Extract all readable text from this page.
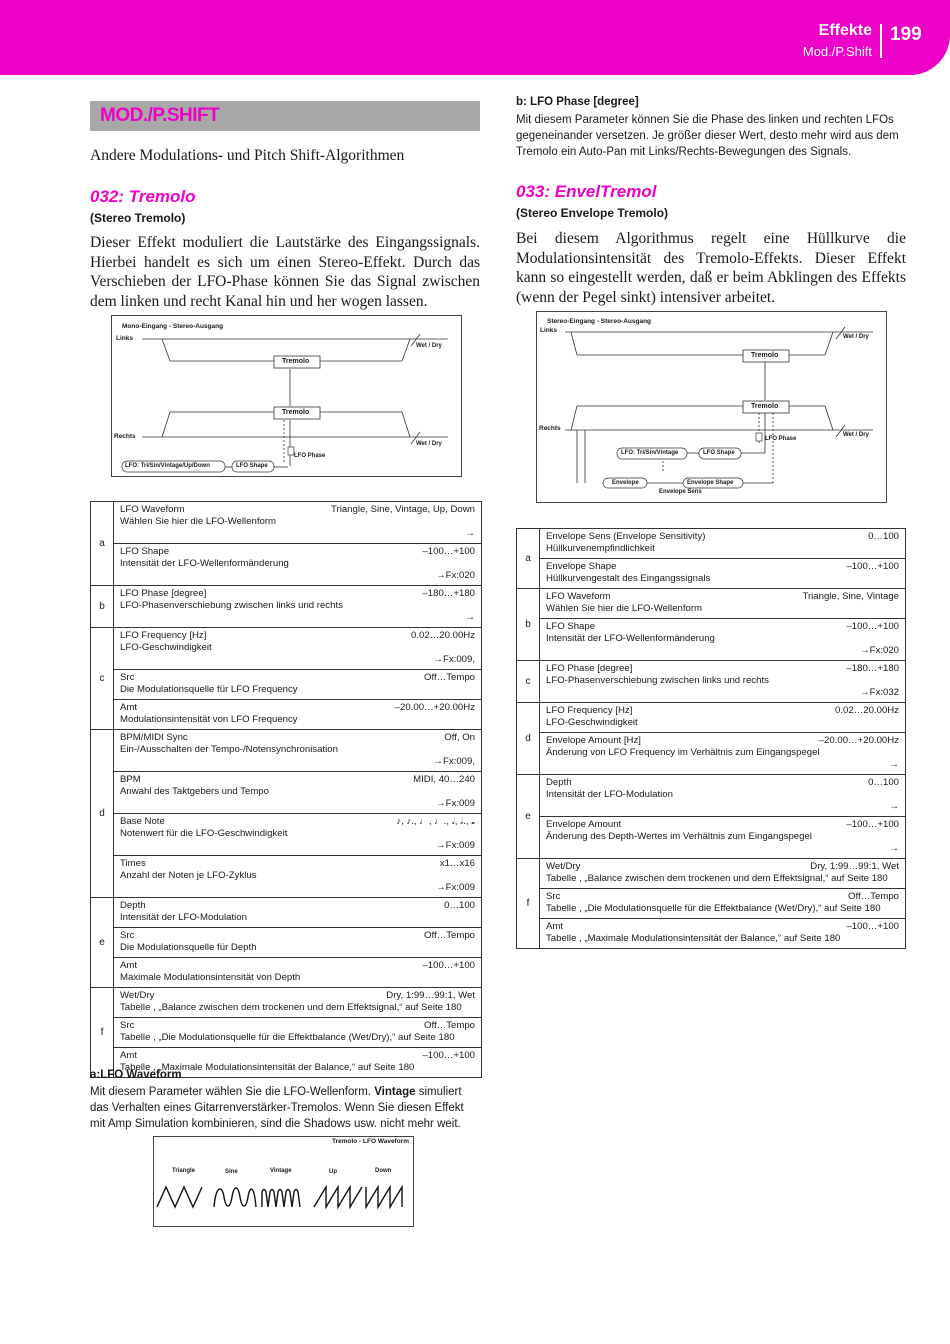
Effekte
Mod./P.Shift
199
MOD./P.SHIFT
Andere Modulations- und Pitch Shift-Algorithmen
032: Tremolo
(Stereo Tremolo)
Dieser Effekt moduliert die Lautstärke des Eingangssignals. Hierbei handelt es sich um einen Stereo-Effekt. Durch das Verschieben der LFO-Phase können Sie das Signal zwischen dem linken und recht Kanal hin und her wogen lassen.
Mono-Eingang - Stereo-Ausgang
Links
Rechts
Tremolo
Tremolo
Wet / Dry
Wet / Dry
LFO Phase
LFO: Tri/Sin/Vintage/Up/Down	LFO Shape
a	Triangle, Sine, Vintage, Up, Down
LFO Waveform
Wählen Sie hier die LFO-Wellenform
→

	–100…+100
LFO Shape
Intensität der LFO-Wellenformänderung
→Fx:020

b	–180…+180
LFO Phase [degree]
LFO-Phasenverschiebung zwischen links und rechts
→

c	0.02…20.00Hz
LFO Frequency [Hz]
LFO-Geschwindigkeit
→Fx:009,

	Off…Tempo
Src
Die Modulationsquelle für LFO Frequency

	–20.00…+20.00Hz
Amt
Modulationsintensität von LFO Frequency

d	Off, On
BPM/MIDI Sync
Ein-/Ausschalten der Tempo-/Notensynchronisation
→Fx:009,

	MIDI, 40…240
BPM
Anwahl des Taktgebers und Tempo
→Fx:009

	♪, ♪., ♩, ♩., 𝅗𝅥, 𝅗𝅥., 𝅝
Base Note
Notenwert für die LFO-Geschwindigkeit
→Fx:009

	x1…x16
Times
Anzahl der Noten je LFO-Zyklus
→Fx:009

e	0…100
Depth
Intensität der LFO-Modulation

	Off…Tempo
Src
Die Modulationsquelle für Depth

	–100…+100
Amt
Maximale Modulationsintensität von Depth

f	Dry, 1:99…99:1, Wet
Wet/Dry
Tabelle , „Balance zwischen dem trockenen und dem Effektsignal,“ auf Seite 180

	Off…Tempo
Src
Tabelle , „Die Modulationsquelle für die Effektbalance (Wet/Dry),“ auf Seite 180

	–100…+100
Amt
Tabelle , „Maximale Modulationsintensität der Balance,“ auf Seite 180
a:LFO Waveform
Mit diesem Parameter wählen Sie die LFO-Wellenform. Vintage simuliert das Verhalten eines Gitarrenverstärker-Tremolos. Wenn Sie diesen Effekt mit Amp Simulation kombinieren, sind die Shadows usw. nicht mehr weit.
Tremolo - LFO Waveform
Triangle	Sine	Vintage	Up	Down
b: LFO Phase [degree]
Mit diesem Parameter können Sie die Phase des linken und rechten LFOs gegeneinander versetzen. Je größer dieser Wert, desto mehr wird aus dem Tremolo ein Auto-Pan mit Links/Rechts-Bewegungen des Signals.
033: EnvelTremol
(Stereo Envelope Tremolo)
Bei diesem Algorithmus regelt eine Hüllkurve die Modulationsintensität des Tremolo-Effekts. Dieser Effekt kann so eingestellt werden, daß er beim Abklingen des Effekts (wenn der Pegel sinkt) intensiver arbeitet.
Stereo-Eingang - Stereo-Ausgang
Links
Rechts
Tremolo
Tremolo
Wet / Dry
Wet / Dry
LFO Phase
LFO: Tri/Sin/Vintage	LFO Shape
Envelope	Envelope Shape
Envelope Sens
a	0…100
Envelope Sens (Envelope Sensitivity)
Hüllkurvenempfindlichkeit

	–100…+100
Envelope Shape
Hüllkurvengestalt des Eingangssignals

b	Triangle, Sine, Vintage
LFO Waveform
Wählen Sie hier die LFO-Wellenform

	–100…+100
LFO Shape
Intensität der LFO-Wellenformänderung
→Fx:020

c	–180…+180
LFO Phase [degree]
LFO-Phasenverschiebung zwischen links und rechts
→Fx:032

d	0.02…20.00Hz
LFO Frequency [Hz]
LFO-Geschwindigkeit

	–20.00…+20.00Hz
Envelope Amount [Hz]
Änderung von LFO Frequency im Verhältnis zum Eingangspegel
→

e	0…100
Depth
Intensität der LFO-Modulation
→

	–100…+100
Envelope Amount
Änderung des Depth-Wertes im Verhältnis zum Eingangspegel
→

f	Dry, 1:99…99:1, Wet
Wet/Dry
Tabelle , „Balance zwischen dem trockenen und dem Effektsignal,“ auf Seite 180

	Off…Tempo
Src
Tabelle , „Die Modulationsquelle für die Effektbalance (Wet/Dry),“ auf Seite 180

	–100…+100
Amt
Tabelle , „Maximale Modulationsintensität der Balance,“ auf Seite 180
